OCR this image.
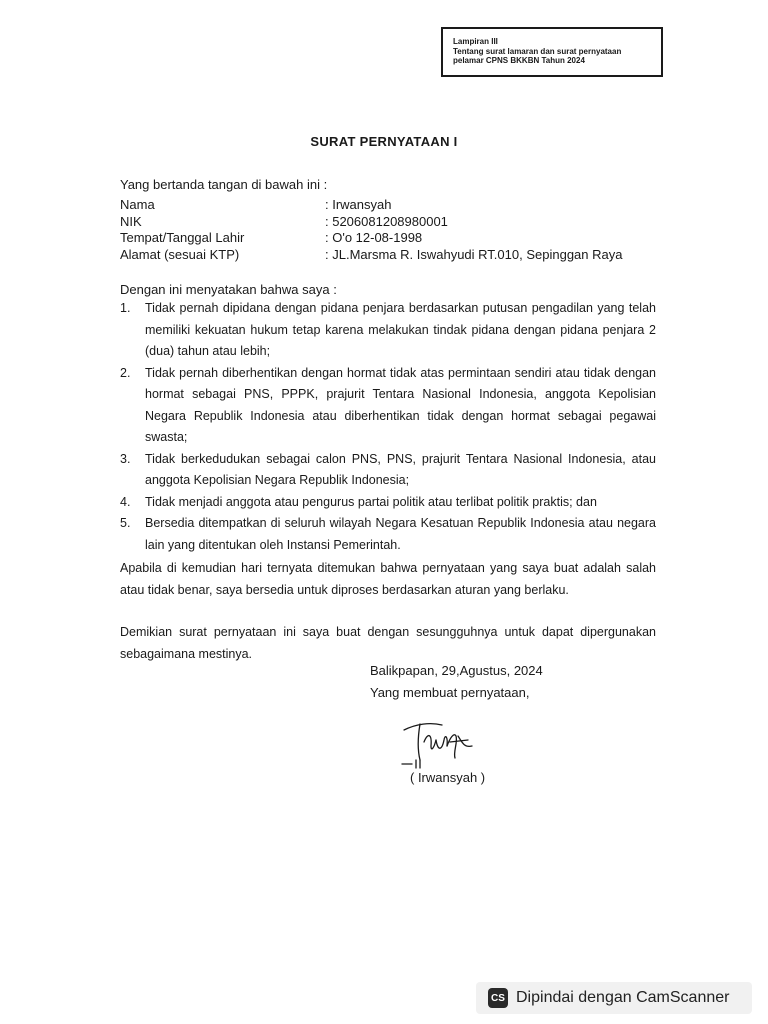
Lampiran III
Tentang surat lamaran dan surat pernyataan
pelamar CPNS BKKBN Tahun 2024
SURAT PERNYATAAN I
Yang bertanda tangan di bawah ini :
Nama	: Irwansyah
NIK	: 5206081208980001
Tempat/Tanggal Lahir	: O'o 12-08-1998
Alamat (sesuai KTP)	: JL.Marsma R. Iswahyudi RT.010, Sepinggan Raya
Dengan ini menyatakan bahwa saya :
1.	Tidak pernah dipidana dengan pidana penjara berdasarkan putusan pengadilan yang telah memiliki kekuatan hukum tetap karena melakukan tindak pidana dengan pidana penjara 2 (dua) tahun atau lebih;
2.	Tidak pernah diberhentikan dengan hormat tidak atas permintaan sendiri atau tidak dengan hormat sebagai PNS, PPPK, prajurit Tentara Nasional Indonesia, anggota Kepolisian Negara Republik Indonesia atau diberhentikan tidak dengan hormat sebagai pegawai swasta;
3.	Tidak berkedudukan sebagai calon PNS, PNS, prajurit Tentara Nasional Indonesia, atau anggota Kepolisian Negara Republik Indonesia;
4.	Tidak menjadi anggota atau pengurus partai politik atau terlibat politik praktis; dan
5.	Bersedia ditempatkan di seluruh wilayah Negara Kesatuan Republik Indonesia atau negara lain yang ditentukan oleh Instansi Pemerintah.
Apabila di kemudian hari ternyata ditemukan bahwa pernyataan yang saya buat adalah salah atau tidak benar, saya bersedia untuk diproses berdasarkan aturan yang berlaku.
Demikian surat pernyataan ini saya buat dengan sesungguhnya untuk dapat dipergunakan sebagaimana mestinya.
Balikpapan, 29,Agustus, 2024
Yang membuat pernyataan,
( Irwansyah )
CS Dipindai dengan CamScanner
